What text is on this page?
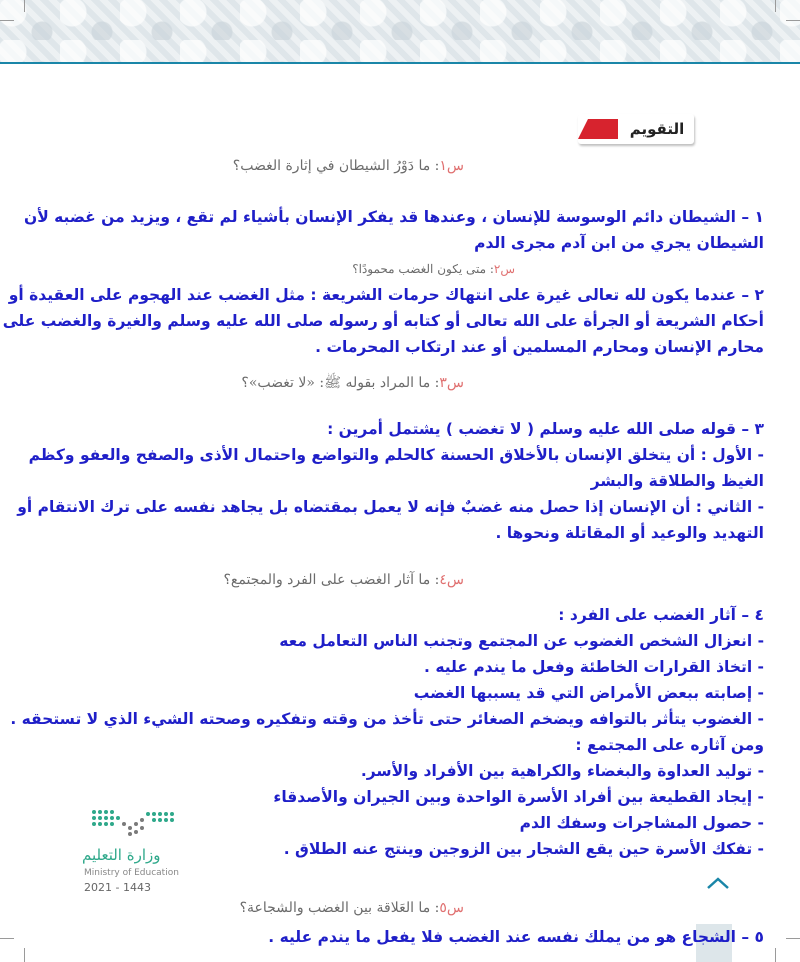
التقويم
س١: ما دَوْرُ الشيطان في إثارة الغضب؟
١ – الشيطان دائم الوسوسة للإنسان ، وعندها قد يفكر الإنسان بأشياء لم تقع ، ويزيد من غضبه لأن
الشيطان يجري من ابن آدم مجرى الدم
س٢: متى يكون الغضب محمودًا؟
٢ – عندما يكون لله تعالى غيرة على انتهاك حرمات الشريعة : مثل الغضب عند الهجوم على العقيدة أو
أحكام الشريعة أو الجرأة على الله تعالى أو كتابه أو رسوله صلى الله عليه وسلم والغيرة والغضب على
محارم الإنسان ومحارم المسلمين أو عند ارتكاب المحرمات .
س٣: ما المراد بقوله ﷺ: «لا تغضب»؟
٣ – قوله صلى الله عليه وسلم ( لا تغضب ) يشتمل أمرين :
- الأول : أن يتخلق الإنسان بالأخلاق الحسنة كالحلم والتواضع واحتمال الأذى والصفح والعفو وكظم
الغيظ والطلاقة والبشر
- الثاني : أن الإنسان إذا حصل منه غضبٌ فإنه لا يعمل بمقتضاه بل يجاهد نفسه على ترك الانتقام أو
التهديد والوعيد أو المقاتلة ونحوها .
س٤: ما آثار الغضب على الفرد والمجتمع؟
٤ – آثار الغضب على الفرد :
- انعزال الشخص الغضوب عن المجتمع وتجنب الناس التعامل معه
- اتخاذ القرارات الخاطئة وفعل ما يندم عليه .
- إصابته ببعض الأمراض التي قد يسببها الغضب
- الغضوب يتأثر بالتوافه ويضخم الصغائر حتى تأخذ من وقته وتفكيره وصحته الشيء الذي لا تستحقه .
ومن آثاره على المجتمع :
- توليد العداوة والبغضاء والكراهية بين الأفراد والأسر.
- إيجاد القطيعة بين أفراد الأسرة الواحدة وبين الجيران والأصدقاء
- حصول المشاجرات وسفك الدم
- تفكك الأسرة حين يقع الشجار بين الزوجين وينتج عنه الطلاق .
س٥: ما العَلاقة بين الغضب والشجاعة؟
٥ – الشجاع هو من يملك نفسه عند الغضب فلا يفعل ما يندم عليه .
وزارة التعليم
Ministry of Education
2021 - 1443
